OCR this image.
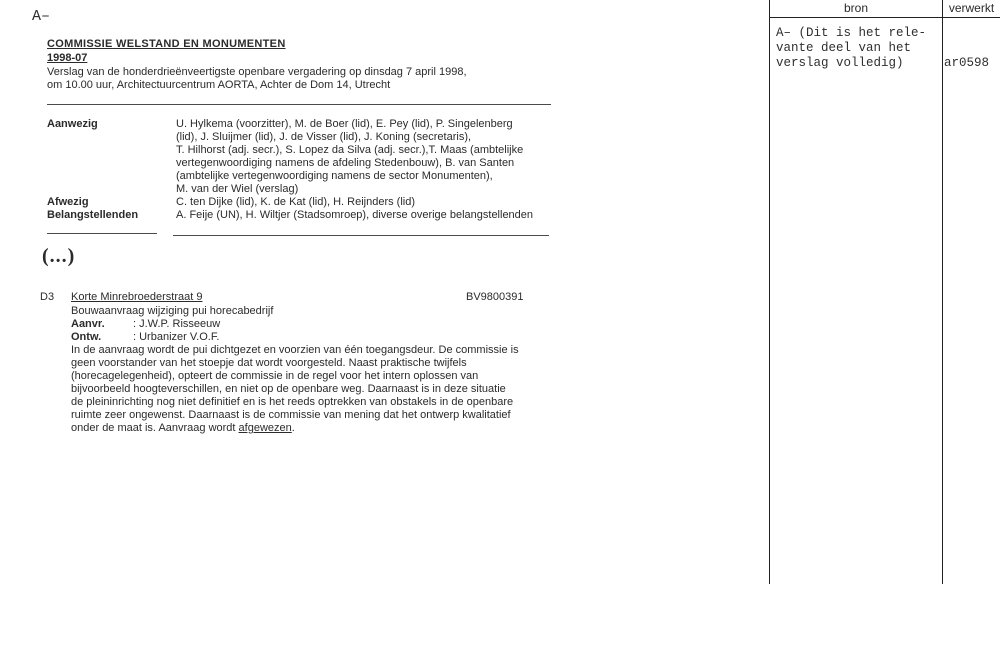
A–
COMMISSIE WELSTAND EN MONUMENTEN
1998-07
Verslag van de honderdrieënveertigste openbare vergadering op dinsdag 7 april 1998,
om 10.00 uur, Architectuurcentrum AORTA, Achter de Dom 14, Utrecht
Aanwezig	U. Hylkema (voorzitter), M. de Boer (lid), E. Pey (lid), P. Singelenberg
(lid), J. Sluijmer (lid), J. de Visser (lid), J. Koning (secretaris),
T. Hilhorst (adj. secr.), S. Lopez da Silva (adj. secr.),T. Maas (ambtelijke
vertegenwoordiging namens de afdeling Stedenbouw), B. van Santen
(ambtelijke vertegenwoordiging namens de sector Monumenten),
M. van der Wiel (verslag)
Afwezig	C. ten Dijke (lid), K. de Kat (lid), H. Reijnders (lid)
Belangstellenden	A. Feije (UN), H. Wiltjer (Stadsomroep), diverse overige belangstellenden
(...)
D3 Korte Minrebroederstraat 9	BV9800391
Bouwaanvraag wijziging pui horecabedrijf
Aanvr.	: J.W.P. Risseeuw
Ontw.	: Urbanizer V.O.F.
In de aanvraag wordt de pui dichtgezet en voorzien van één toegangsdeur. De commissie is
geen voorstander van het stoepje dat wordt voorgesteld. Naast praktische twijfels
(horecagelegenheid), opteert de commissie in de regel voor het intern oplossen van
bijvoorbeeld hoogteverschillen, en niet op de openbare weg. Daarnaast is in deze situatie
de pleininrichting nog niet definitief en is het reeds optrekken van obstakels in de openbare
ruimte zeer ongewenst. Daarnaast is de commissie van mening dat het ontwerp kwalitatief
onder de maat is. Aanvraag wordt afgewezen.
bron	verwerkt
A– (Dit is het rele-
vante deel van het
verslag volledig)	ar0598
